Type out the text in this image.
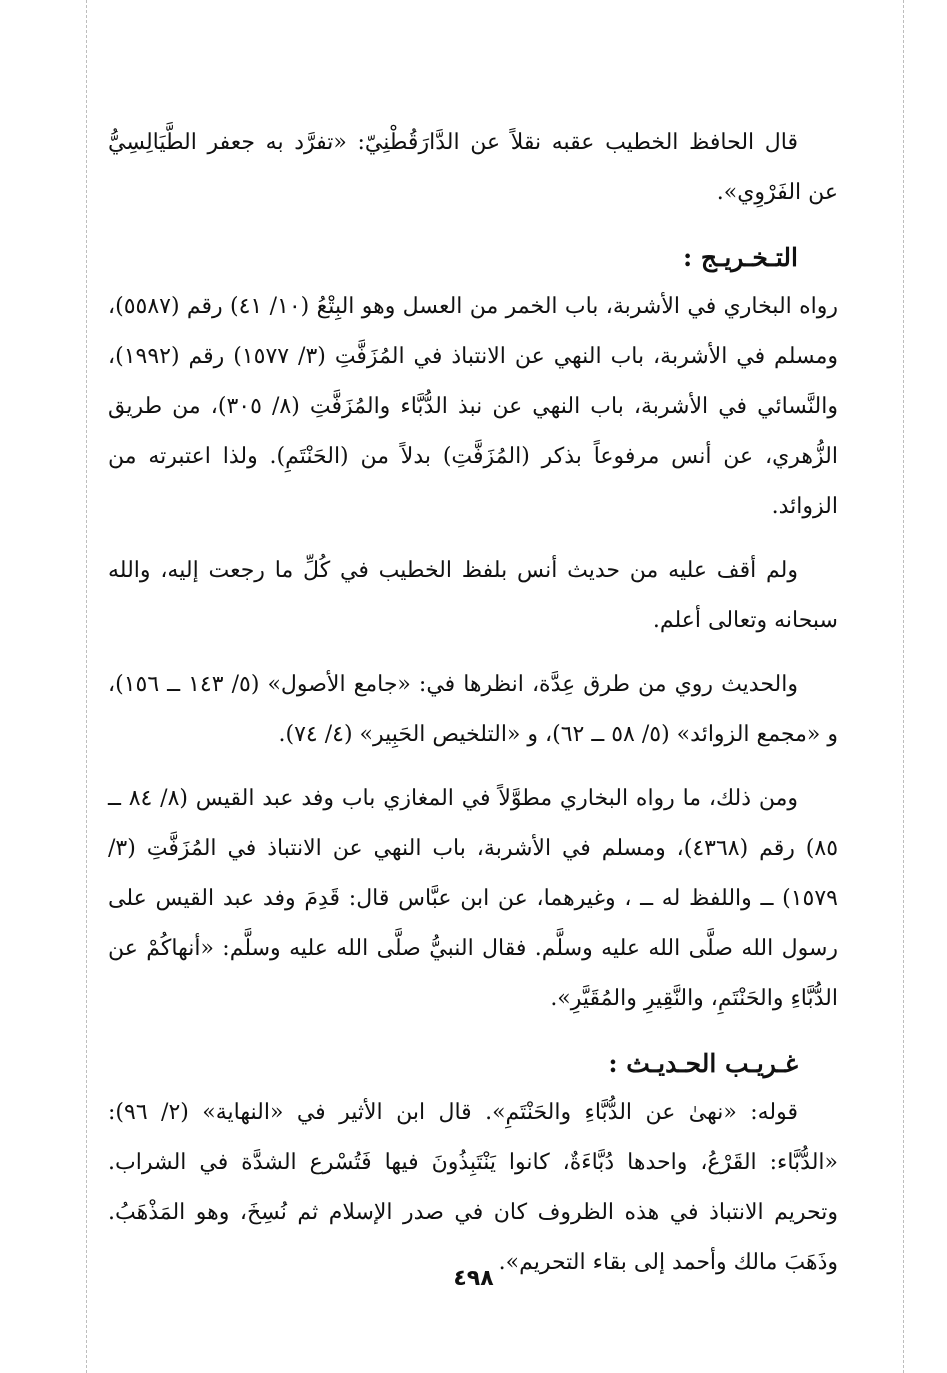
قال الحافظ الخطيب عقبه نقلاً عن الدَّارَقُطْنِيّ: «تفرَّد به جعفر الطَّيَالِسِيُّ عن الفَرْوِي».

التـخـريـج :

رواه البخاري في الأشربة، باب الخمر من العسل وهو البِتْعُ (١٠/ ٤١) رقم (٥٥٨٧)، ومسلم في الأشربة، باب النهي عن الانتباذ في المُزَفَّتِ (٣/ ١٥٧٧) رقم (١٩٩٢)، والنَّسائي في الأشربة، باب النهي عن نبذ الدُّبَّاء والمُزَفَّتِ (٨/ ٣٠٥)، من طريق الزُّهري، عن أنس مرفوعاً بذكر (المُزَفَّتِ) بدلاً من (الحَنْتَمِ). ولذا اعتبرته من الزوائد.

ولم أقف عليه من حديث أنس بلفظ الخطيب في كُلِّ ما رجعت إليه، والله سبحانه وتعالى أعلم.

والحديث روي من طرق عِدَّة، انظرها في: «جامع الأصول» (٥/ ١٤٣ ــ ١٥٦)، و «مجمع الزوائد» (٥/ ٥٨ ــ ٦٢)، و «التلخيص الحَبِير» (٤/ ٧٤).

ومن ذلك، ما رواه البخاري مطوَّلاً في المغازي باب وفد عبد القيس (٨/ ٨٤ ــ ٨٥) رقم (٤٣٦٨)، ومسلم في الأشربة، باب النهي عن الانتباذ في المُزَفَّتِ (٣/ ١٥٧٩) ــ واللفظ له ــ ، وغيرهما، عن ابن عبَّاس قال: قَدِمَ وفد عبد القيس على رسول الله صلَّى الله عليه وسلَّم. فقال النبيُّ صلَّى الله عليه وسلَّم: «أنهاكُمْ عن الدُّبَّاءِ والحَنْتَمِ، والنَّقِيرِ والمُقَيَّرِ».

غـريـب الحـديـث :

قوله: «نهىٰ عن الدُّبَّاءِ والحَنْتَمِ». قال ابن الأثير في «النهاية» (٢/ ٩٦): «الدُّبَّاء: القَرْعُ، واحدها دُبَّاءَةٌ، كانوا يَنْتَبِذُونَ فيها فَتُسْرع الشدَّة في الشراب. وتحريم الانتباذ في هذه الظروف كان في صدر الإسلام ثم نُسِخَ، وهو المَذْهَبُ. وذَهَبَ مالك وأحمد إلى بقاء التحريم».

٤٩٨
